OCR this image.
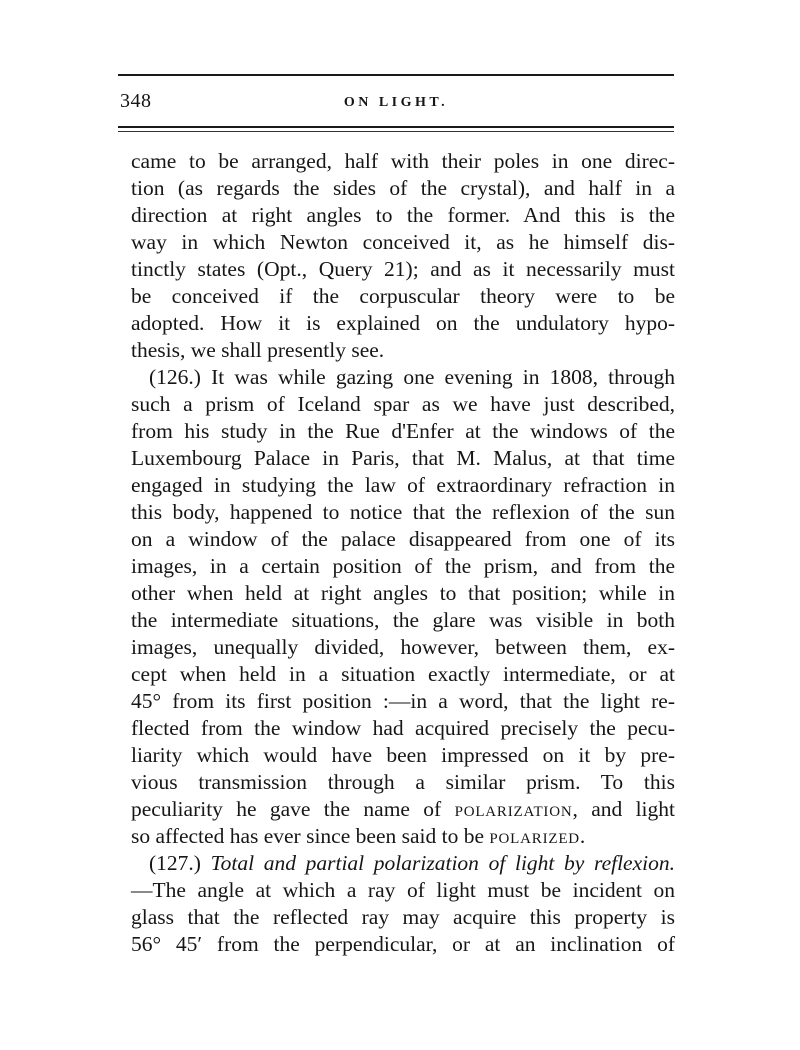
348	ON LIGHT.
came to be arranged, half with their poles in one direc-
tion (as regards the sides of the crystal), and half in a
direction at right angles to the former. And this is the
way in which Newton conceived it, as he himself dis-
tinctly states (Opt., Query 21); and as it necessarily must
be conceived if the corpuscular theory were to be
adopted. How it is explained on the undulatory hypo-
thesis, we shall presently see.
(126.) It was while gazing one evening in 1808, through
such a prism of Iceland spar as we have just described,
from his study in the Rue d'Enfer at the windows of the
Luxembourg Palace in Paris, that M. Malus, at that time
engaged in studying the law of extraordinary refraction in
this body, happened to notice that the reflexion of the sun
on a window of the palace disappeared from one of its
images, in a certain position of the prism, and from the
other when held at right angles to that position; while in
the intermediate situations, the glare was visible in both
images, unequally divided, however, between them, ex-
cept when held in a situation exactly intermediate, or at
45° from its first position :—in a word, that the light re-
flected from the window had acquired precisely the pecu-
liarity which would have been impressed on it by pre-
vious transmission through a similar prism. To this
peculiarity he gave the name of polarization, and light
so affected has ever since been said to be polarized.
(127.) Total and partial polarization of light by reflexion.
—The angle at which a ray of light must be incident on
glass that the reflected ray may acquire this property is
56° 45′ from the perpendicular, or at an inclination of
